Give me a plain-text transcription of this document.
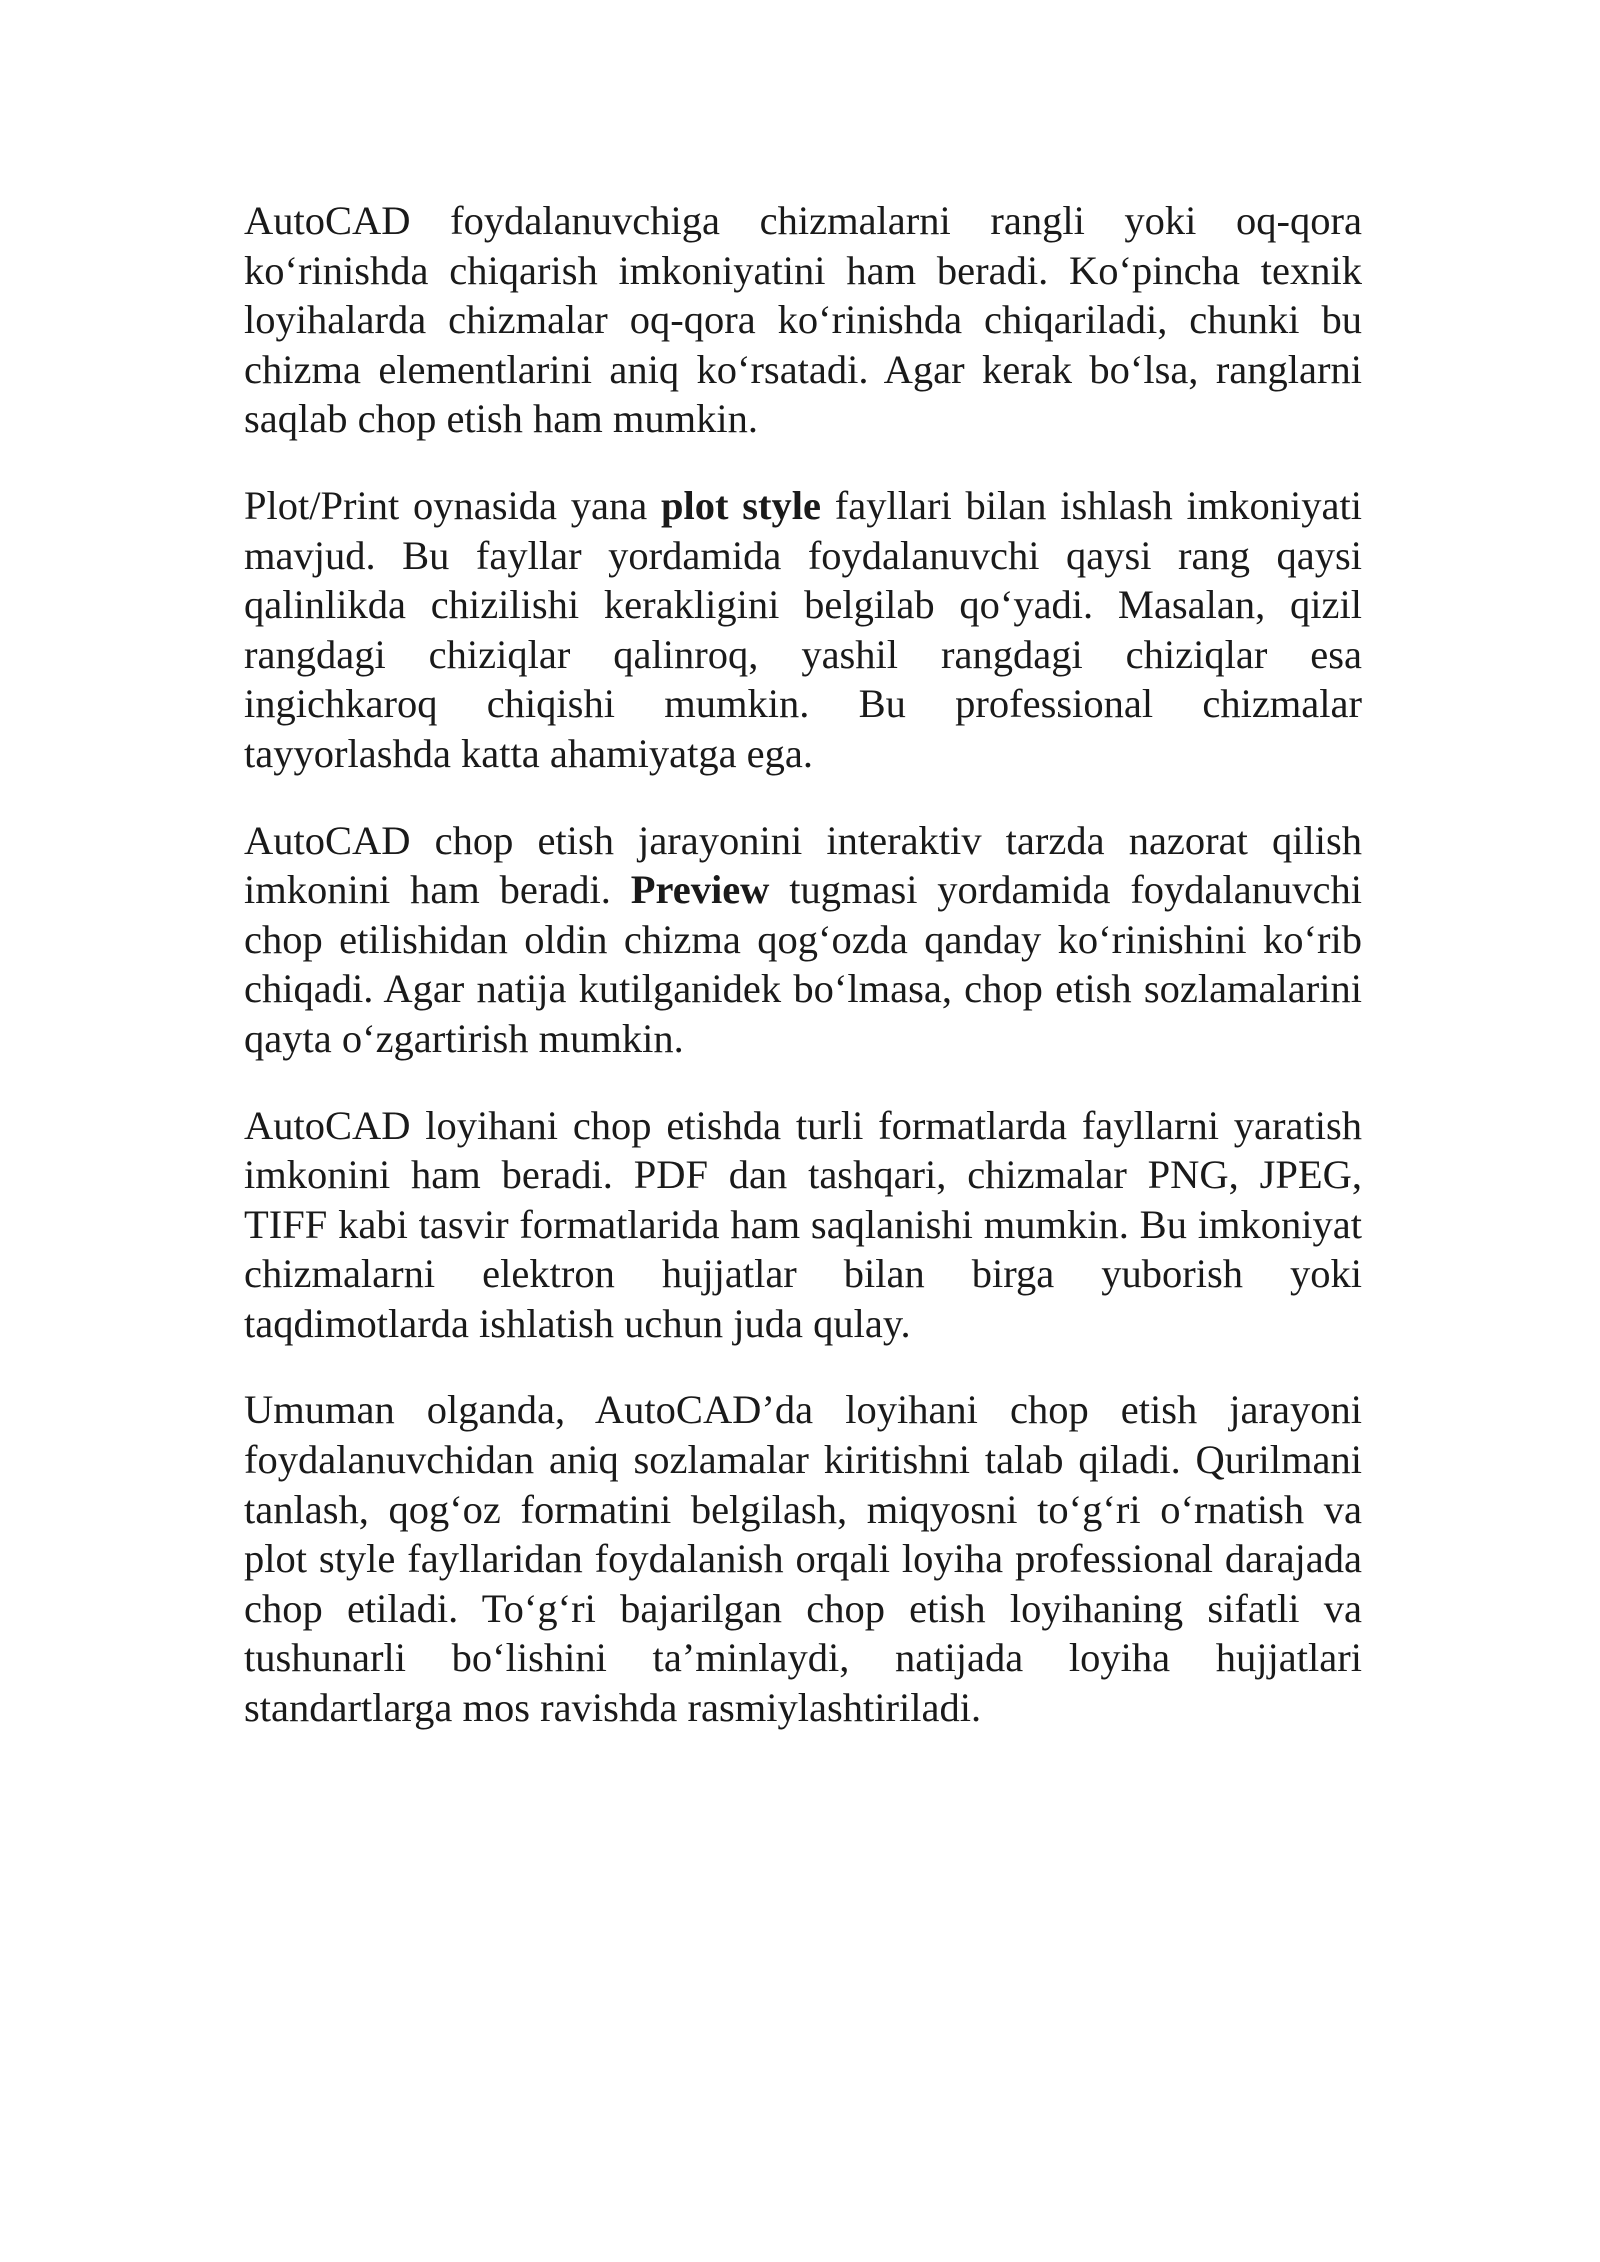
AutoCAD foydalanuvchiga chizmalarni rangli yoki oq-qora ko‘rinishda chiqarish imkoniyatini ham beradi. Ko‘pincha texnik loyihalarda chizmalar oq-qora ko‘rinishda chiqariladi, chunki bu chizma elementlarini aniq ko‘rsatadi. Agar kerak bo‘lsa, ranglarni saqlab chop etish ham mumkin.

Plot/Print oynasida yana plot style fayllari bilan ishlash imkoniyati mavjud. Bu fayllar yordamida foydalanuvchi qaysi rang qaysi qalinlikda chizilishi kerakligini belgilab qo‘yadi. Masalan, qizil rangdagi chiziqlar qalinroq, yashil rangdagi chiziqlar esa ingichkaroq chiqishi mumkin. Bu professional chizmalar tayyorlashda katta ahamiyatga ega.

AutoCAD chop etish jarayonini interaktiv tarzda nazorat qilish imkonini ham beradi. Preview tugmasi yordamida foydalanuvchi chop etilishidan oldin chizma qog‘ozda qanday ko‘rinishini ko‘rib chiqadi. Agar natija kutilganidek bo‘lmasa, chop etish sozlamalarini qayta o‘zgartirish mumkin.

AutoCAD loyihani chop etishda turli formatlarda fayllarni yaratish imkonini ham beradi. PDF dan tashqari, chizmalar PNG, JPEG, TIFF kabi tasvir formatlarida ham saqlanishi mumkin. Bu imkoniyat chizmalarni elektron hujjatlar bilan birga yuborish yoki taqdimotlarda ishlatish uchun juda qulay.

Umuman olganda, AutoCAD’da loyihani chop etish jarayoni foydalanuvchidan aniq sozlamalar kiritishni talab qiladi. Qurilmani tanlash, qog‘oz formatini belgilash, miqyosni to‘g‘ri o‘rnatish va plot style fayllaridan foydalanish orqali loyiha professional darajada chop etiladi. To‘g‘ri bajarilgan chop etish loyihaning sifatli va tushunarli bo‘lishini ta’minlaydi, natijada loyiha hujjatlari standartlarga mos ravishda rasmiylashtiriladi.
